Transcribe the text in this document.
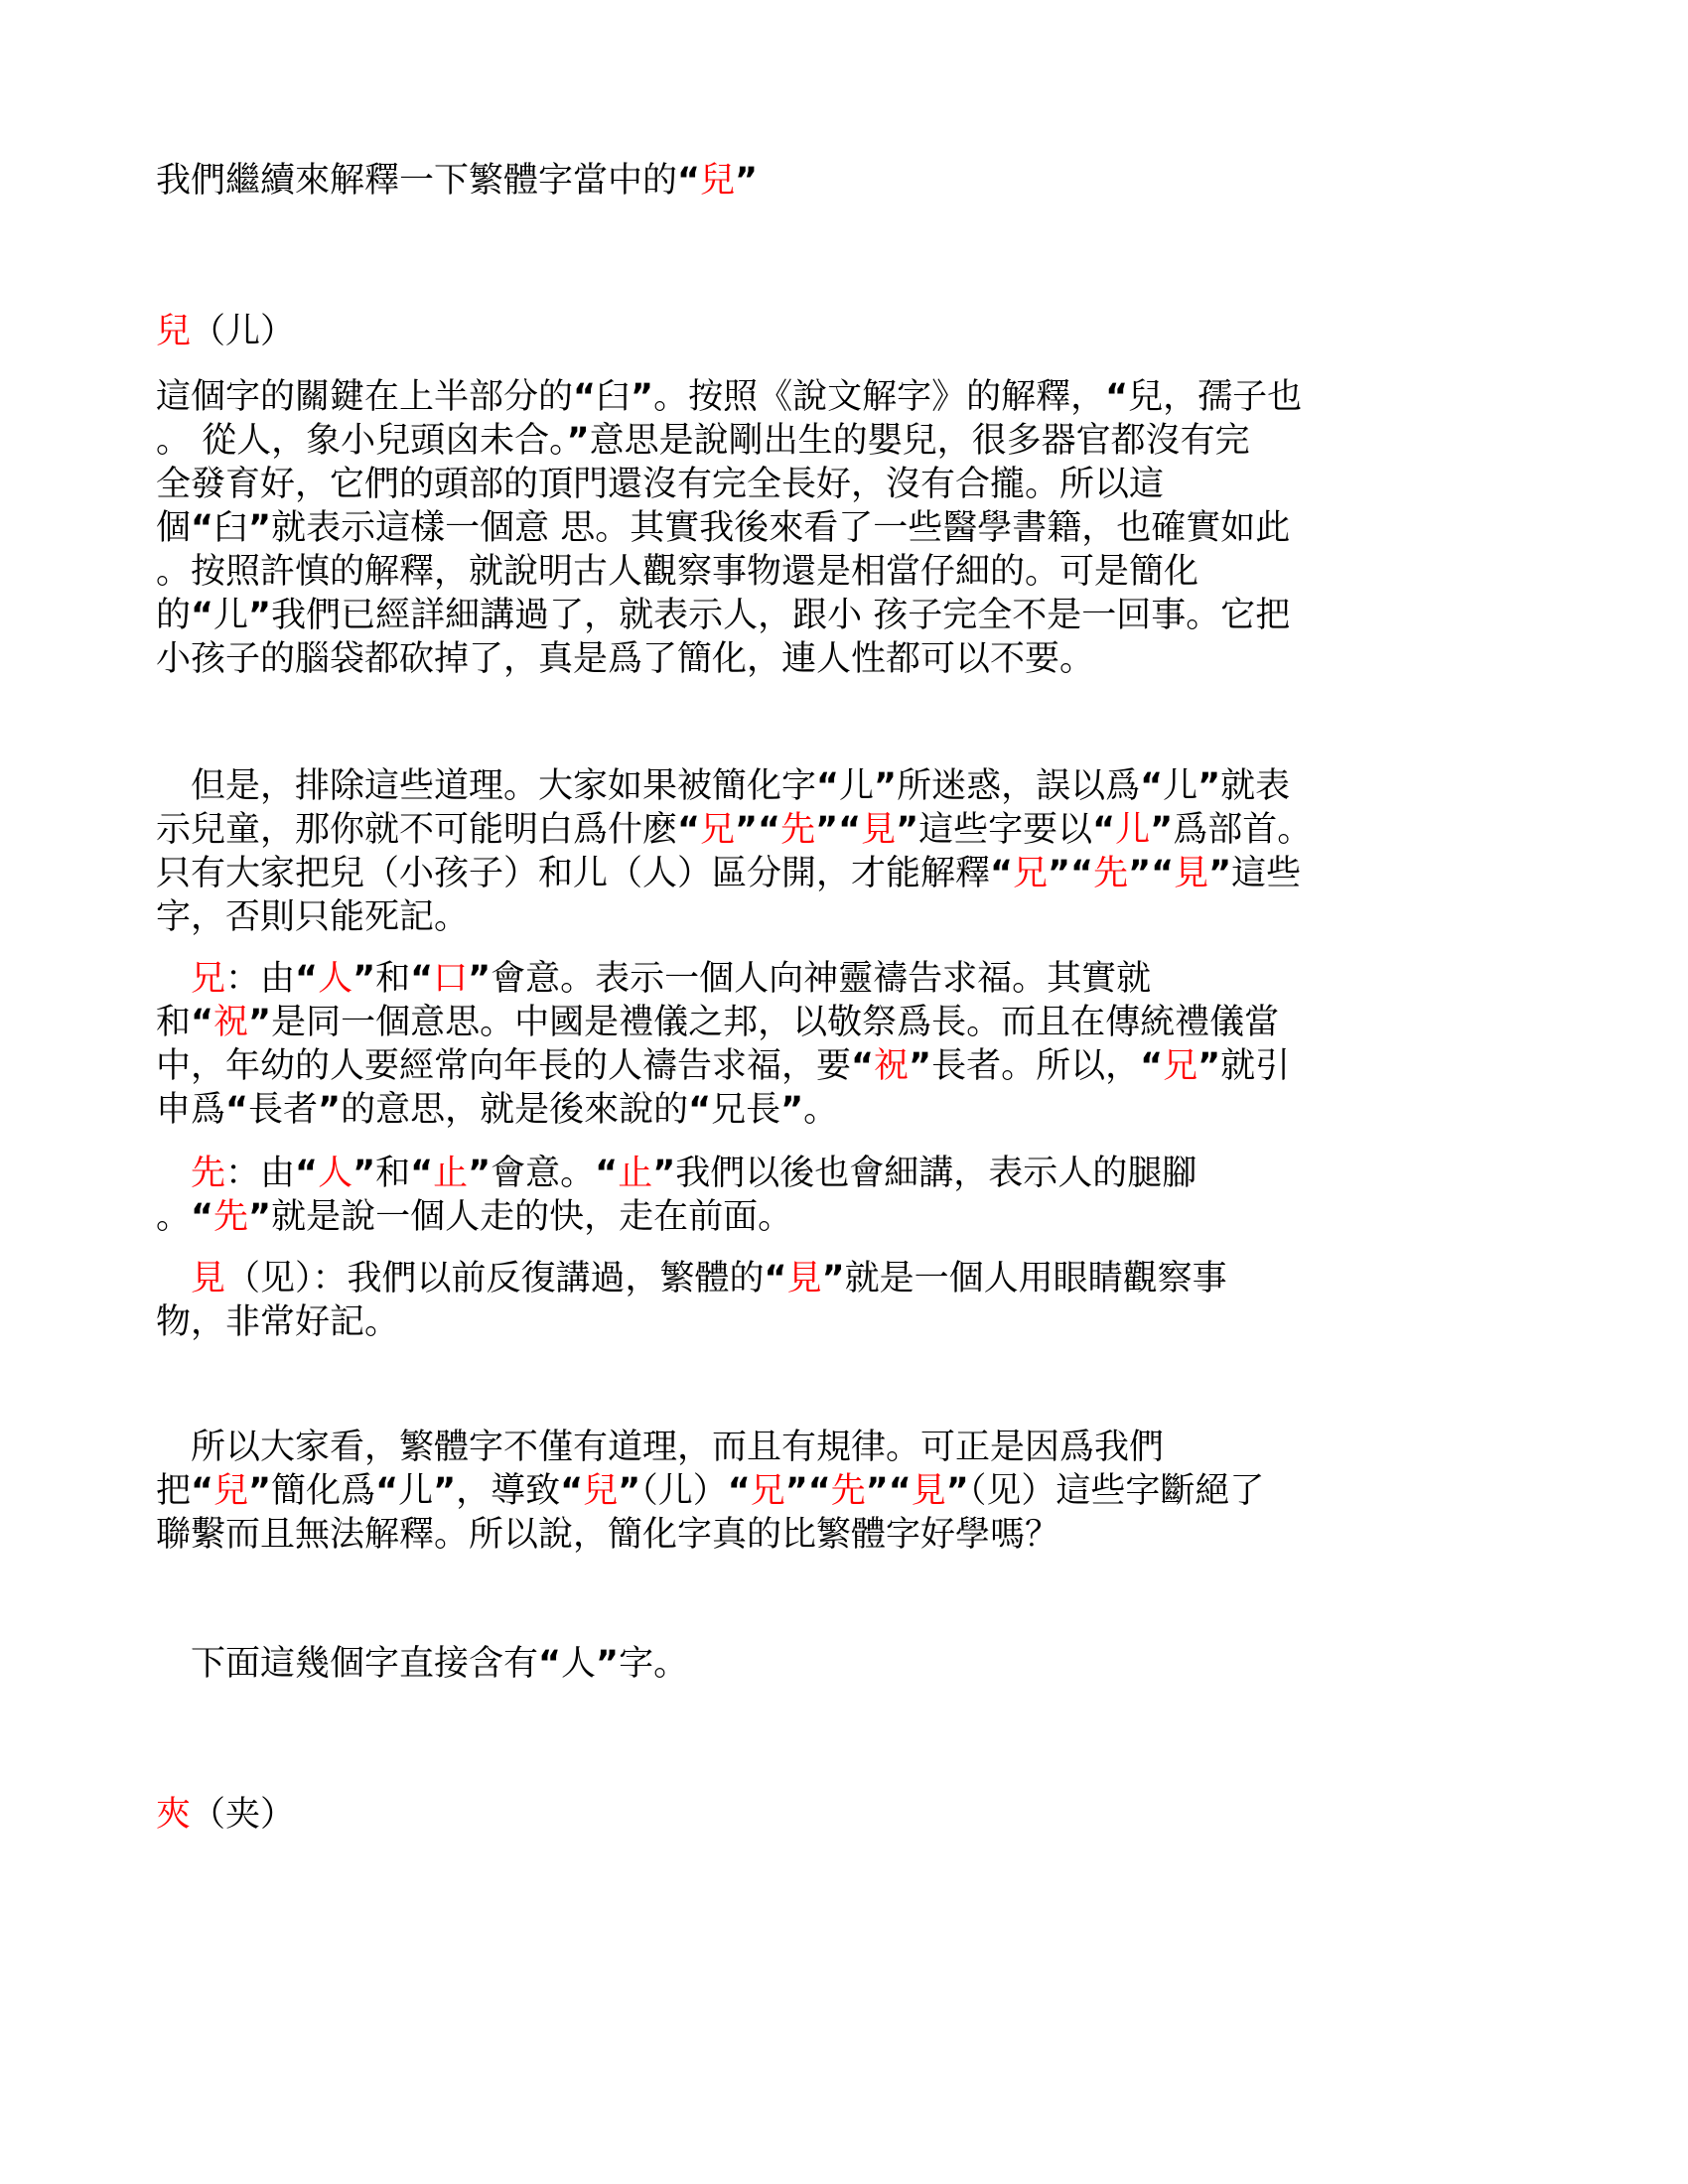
我們繼續來解釋一下繁體字當中的“兒”

兒（儿）

這個字的關鍵在上半部分的“臼”。按照《說文解字》的解釋，“兒，孺子也

。 從人，象小兒頭囟未合。”意思是說剛出生的嬰兒，很多器官都沒有完

全發育好，它們的頭部的頂門還沒有完全長好，沒有合攏。所以這

個“臼”就表示這樣一個意 思。其實我後來看了一些醫學書籍，也確實如此

。按照許慎的解釋，就說明古人觀察事物還是相當仔細的。可是簡化

的“儿”我們已經詳細講過了，就表示人，跟小 孩子完全不是一回事。它把

小孩子的腦袋都砍掉了，真是爲了簡化，連人性都可以不要。

　但是，排除這些道理。大家如果被簡化字“儿”所迷惑，誤以爲“儿”就表

示兒童，那你就不可能明白爲什麽“兄”“先”“見”這些字要以“儿”爲部首。

只有大家把兒（小孩子）和儿（人）區分開，才能解釋“兄”“先”“見”這些

字，否則只能死記。

　兄：由“人”和“口”會意。表示一個人向神靈禱告求福。其實就

和“祝”是同一個意思。中國是禮儀之邦，以敬祭爲長。而且在傳統禮儀當

中，年幼的人要經常向年長的人禱告求福，要“祝”長者。所以，“兄”就引

申爲“長者”的意思，就是後來說的“兄長”。

　先：由“人”和“止”會意。“止”我們以後也會細講，表示人的腿腳

。“先”就是說一個人走的快，走在前面。

　見（见）：我們以前反復講過，繁體的“見”就是一個人用眼睛觀察事

物，非常好記。

　所以大家看，繁體字不僅有道理，而且有規律。可正是因爲我們

把“兒”簡化爲“儿”，導致“兒”（儿）“兄”“先”“見”（见）這些字斷絕了

聯繫而且無法解釋。所以說，簡化字真的比繁體字好學嗎？

　下面這幾個字直接含有“人”字。

夾（夹）
